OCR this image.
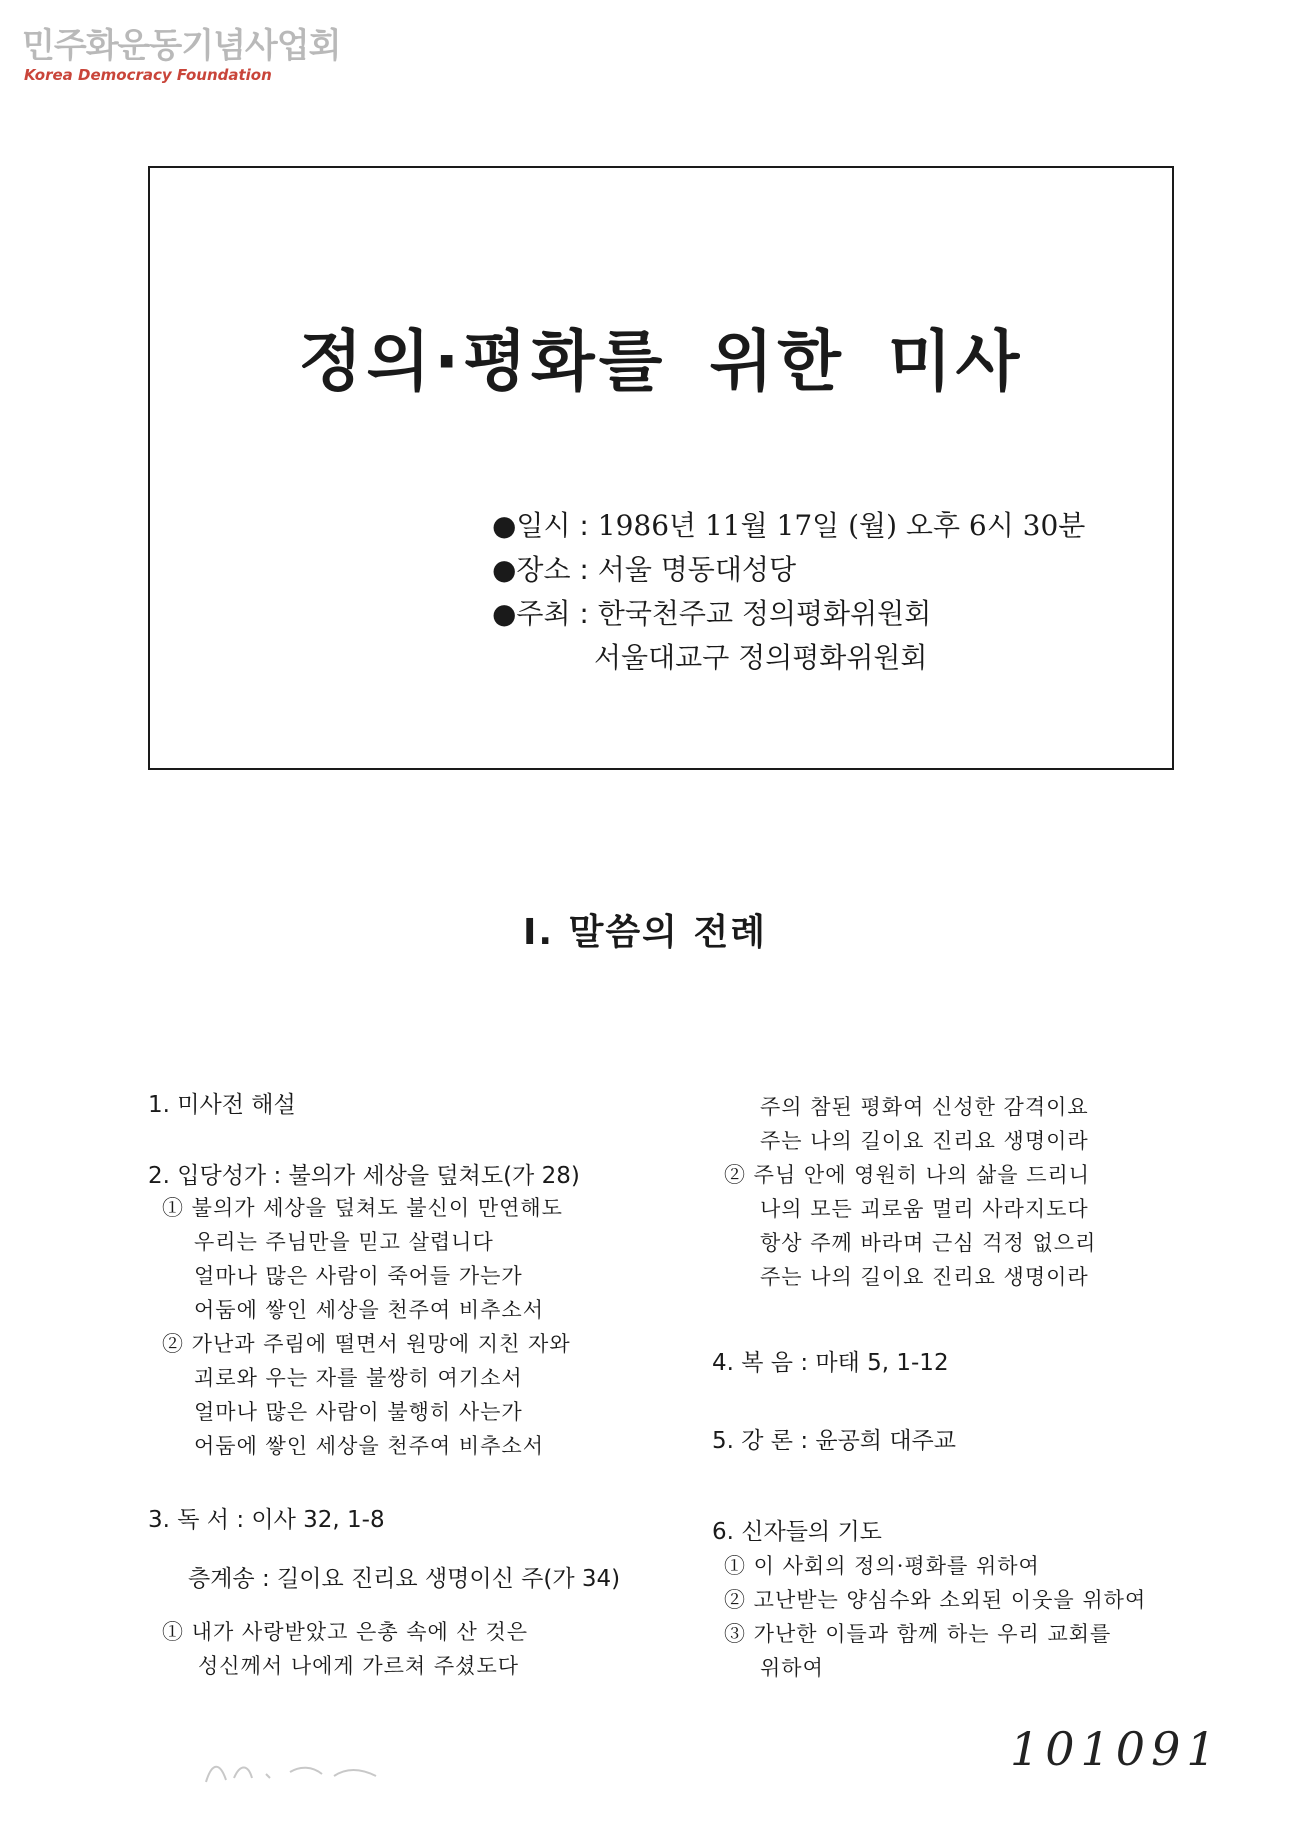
민주화운동기념사업회
Korea Democracy Foundation
정의·평화를 위한 미사
●일시 : 1986년 11월 17일 (월) 오후 6시 30분
●장소 : 서울 명동대성당
●주최 : 한국천주교 정의평화위원회
서울대교구 정의평화위원회
Ⅰ. 말씀의 전례
1. 미사전 해설
2. 입당성가 : 불의가 세상을 덮쳐도(가 28)
① 불의가 세상을 덮쳐도 불신이 만연해도
우리는 주님만을 믿고 살렵니다
얼마나 많은 사람이 죽어들 가는가
어둠에 쌓인 세상을 천주여 비추소서
② 가난과 주림에 떨면서 원망에 지친 자와
괴로와 우는 자를 불쌍히 여기소서
얼마나 많은 사람이 불행히 사는가
어둠에 쌓인 세상을 천주여 비추소서
3. 독 서 : 이사 32, 1-8
층계송 : 길이요 진리요 생명이신 주(가 34)
① 내가 사랑받았고 은총 속에 산 것은
성신께서 나에게 가르쳐 주셨도다
주의 참된 평화여 신성한 감격이요
주는 나의 길이요 진리요 생명이라
② 주님 안에 영원히 나의 삶을 드리니
나의 모든 괴로움 멀리 사라지도다
항상 주께 바라며 근심 걱정 없으리
주는 나의 길이요 진리요 생명이라
4. 복 음 : 마태 5, 1-12
5. 강 론 : 윤공희 대주교
6. 신자들의 기도
① 이 사회의 정의·평화를 위하여
② 고난받는 양심수와 소외된 이웃을 위하여
③ 가난한 이들과 함께 하는 우리 교회를
위하여
101091
